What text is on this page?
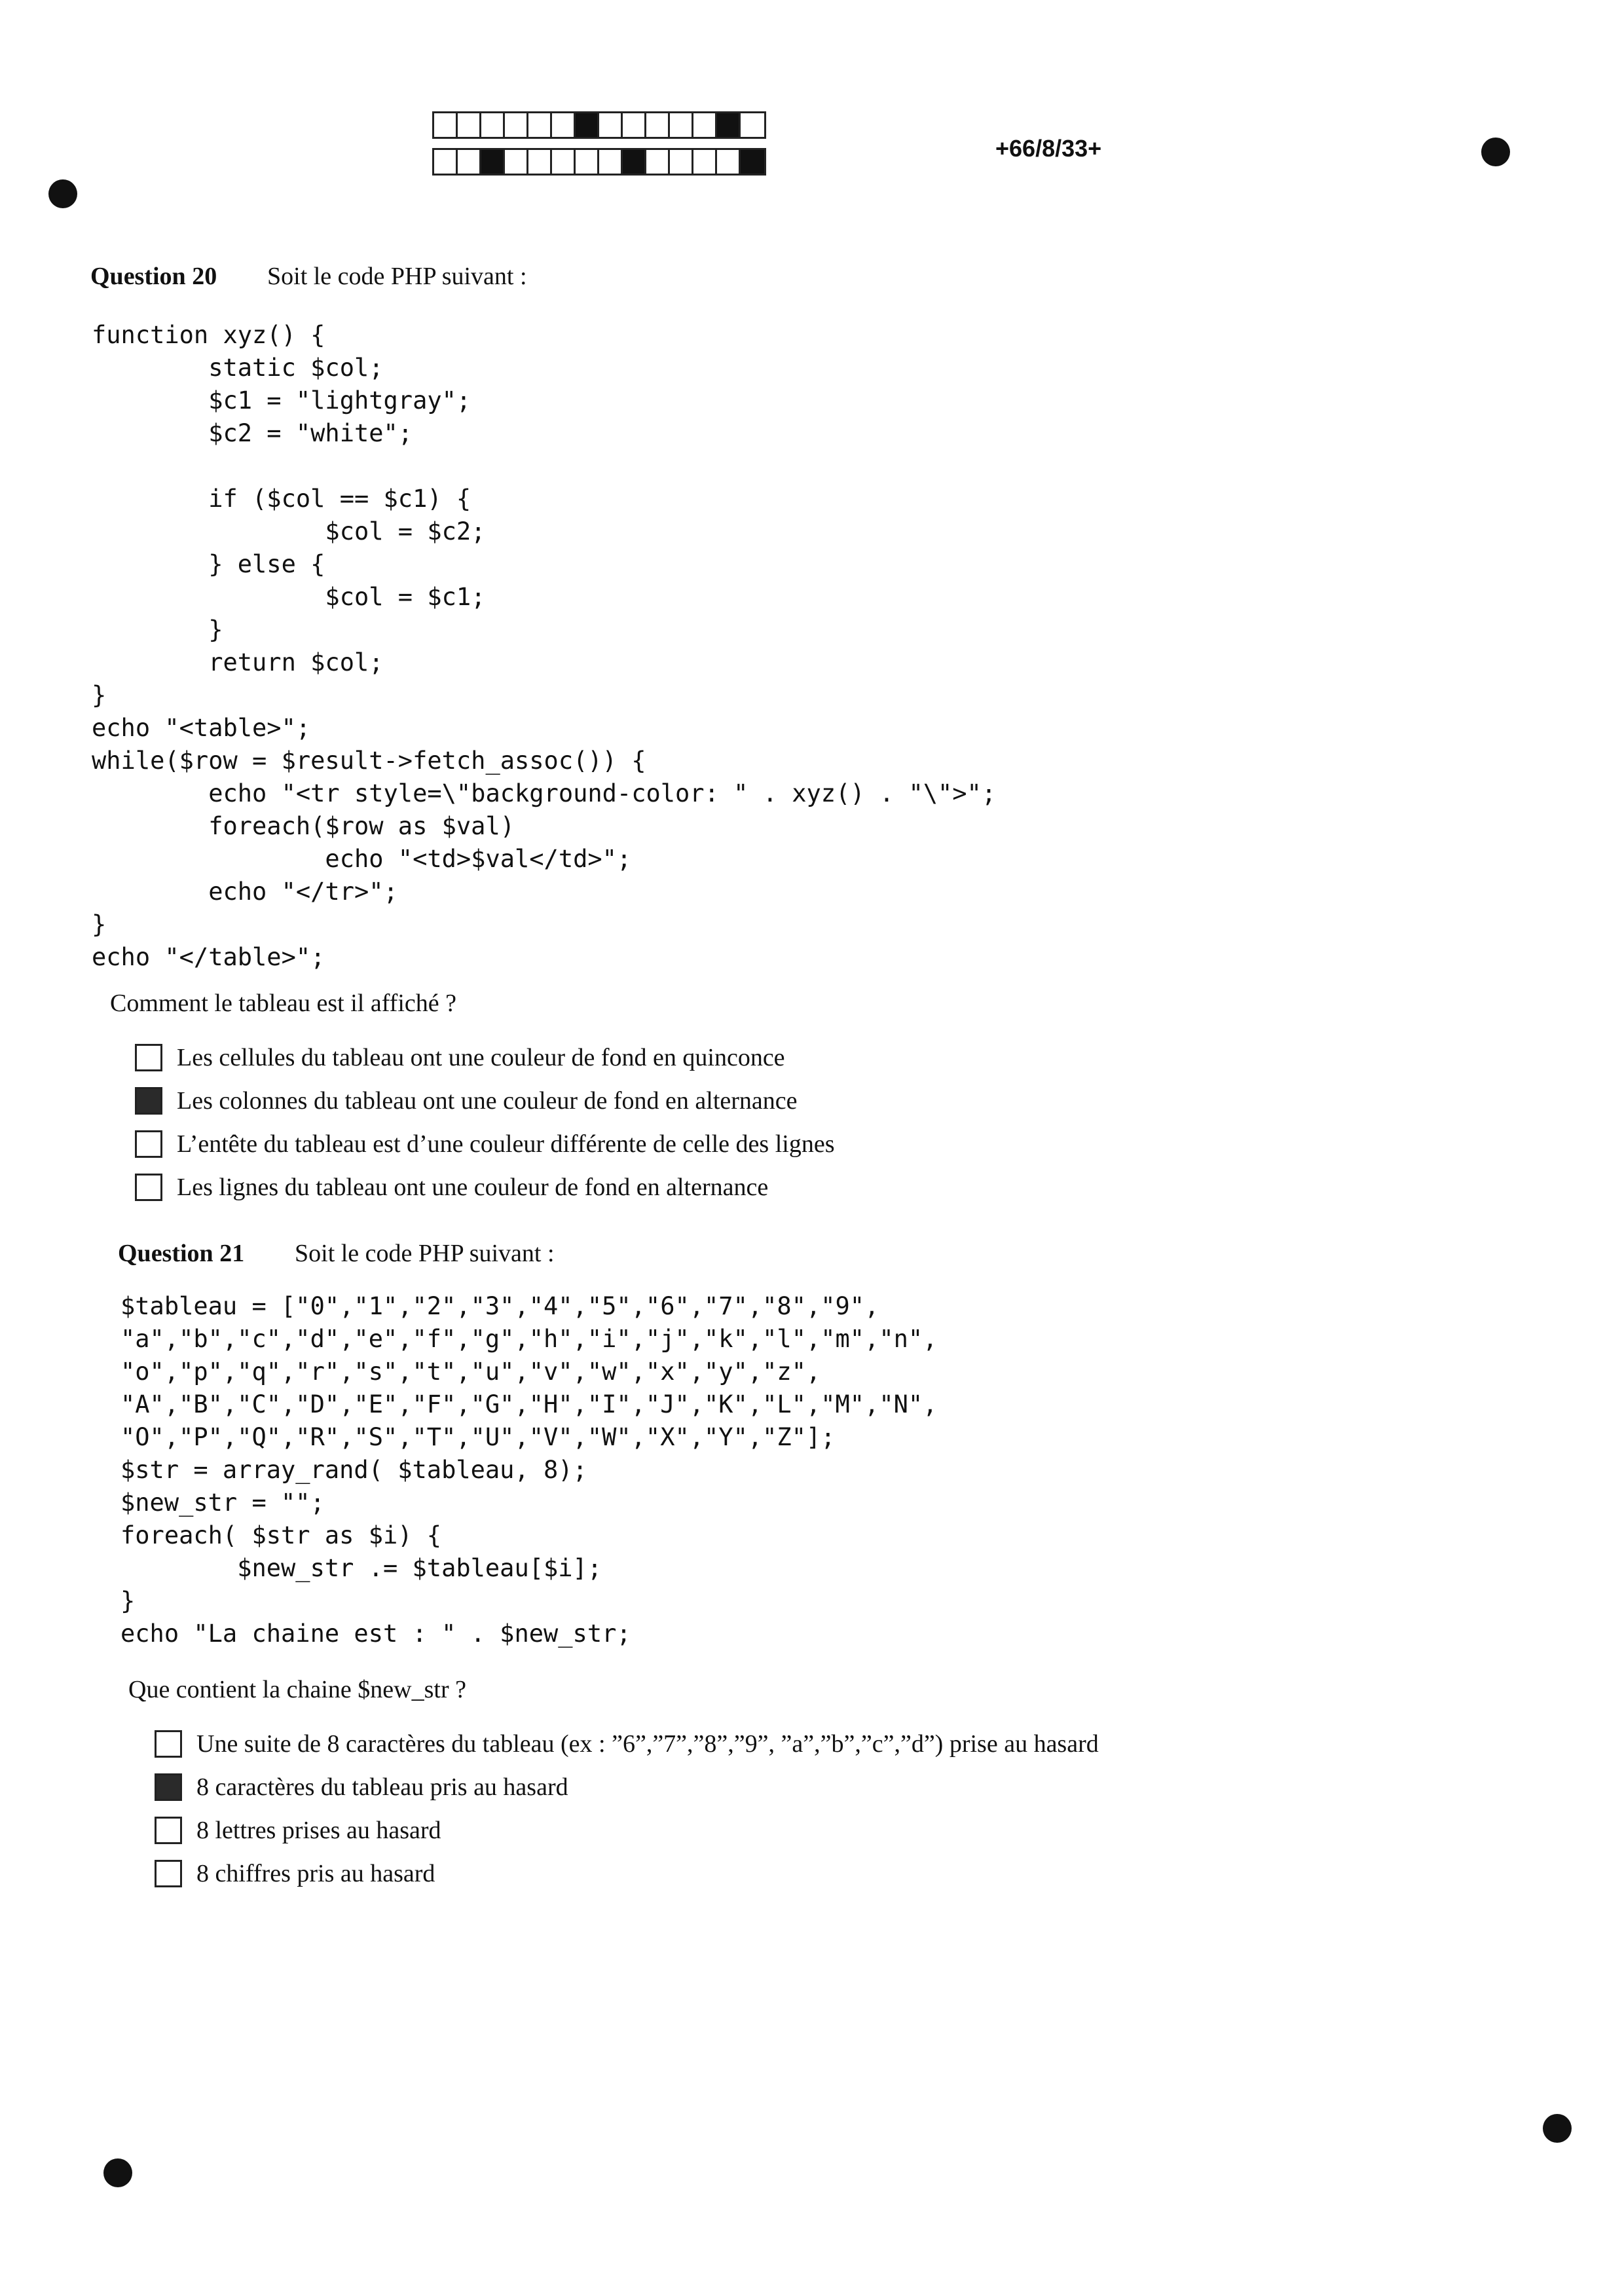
+66/8/33+
Question 20	Soit le code PHP suivant :
function xyz() {
static $col;
$c1 = "lightgray";
$c2 = "white";

if ($col == $c1) {
$col = $c2;
} else {
$col = $c1;
}
return $col;
}
echo "<table>";
while($row = $result->fetch_assoc()) {
echo "<tr style=\"background-color: " . xyz() . "\">";
foreach($row as $val)
echo "<td>$val</td>";
echo "</tr>";
}
echo "</table>";
Comment le tableau est il affiché ?
Les cellules du tableau ont une couleur de fond en quinconce
Les colonnes du tableau ont une couleur de fond en alternance
L’entête du tableau est d’une couleur différente de celle des lignes
Les lignes du tableau ont une couleur de fond en alternance
Question 21	Soit le code PHP suivant :
$tableau = ["0","1","2","3","4","5","6","7","8","9",
"a","b","c","d","e","f","g","h","i","j","k","l","m","n",
"o","p","q","r","s","t","u","v","w","x","y","z",
"A","B","C","D","E","F","G","H","I","J","K","L","M","N",
"O","P","Q","R","S","T","U","V","W","X","Y","Z"];
$str = array_rand( $tableau, 8);
$new_str = "";
foreach( $str as $i) {
$new_str .= $tableau[$i];
}
echo "La chaine est : " . $new_str;
Que contient la chaine $new_str ?
Une suite de 8 caractères du tableau (ex : ”6”,”7”,”8”,”9”, ”a”,”b”,”c”,”d”) prise au hasard
8 caractères du tableau pris au hasard
8 lettres prises au hasard
8 chiffres pris au hasard
